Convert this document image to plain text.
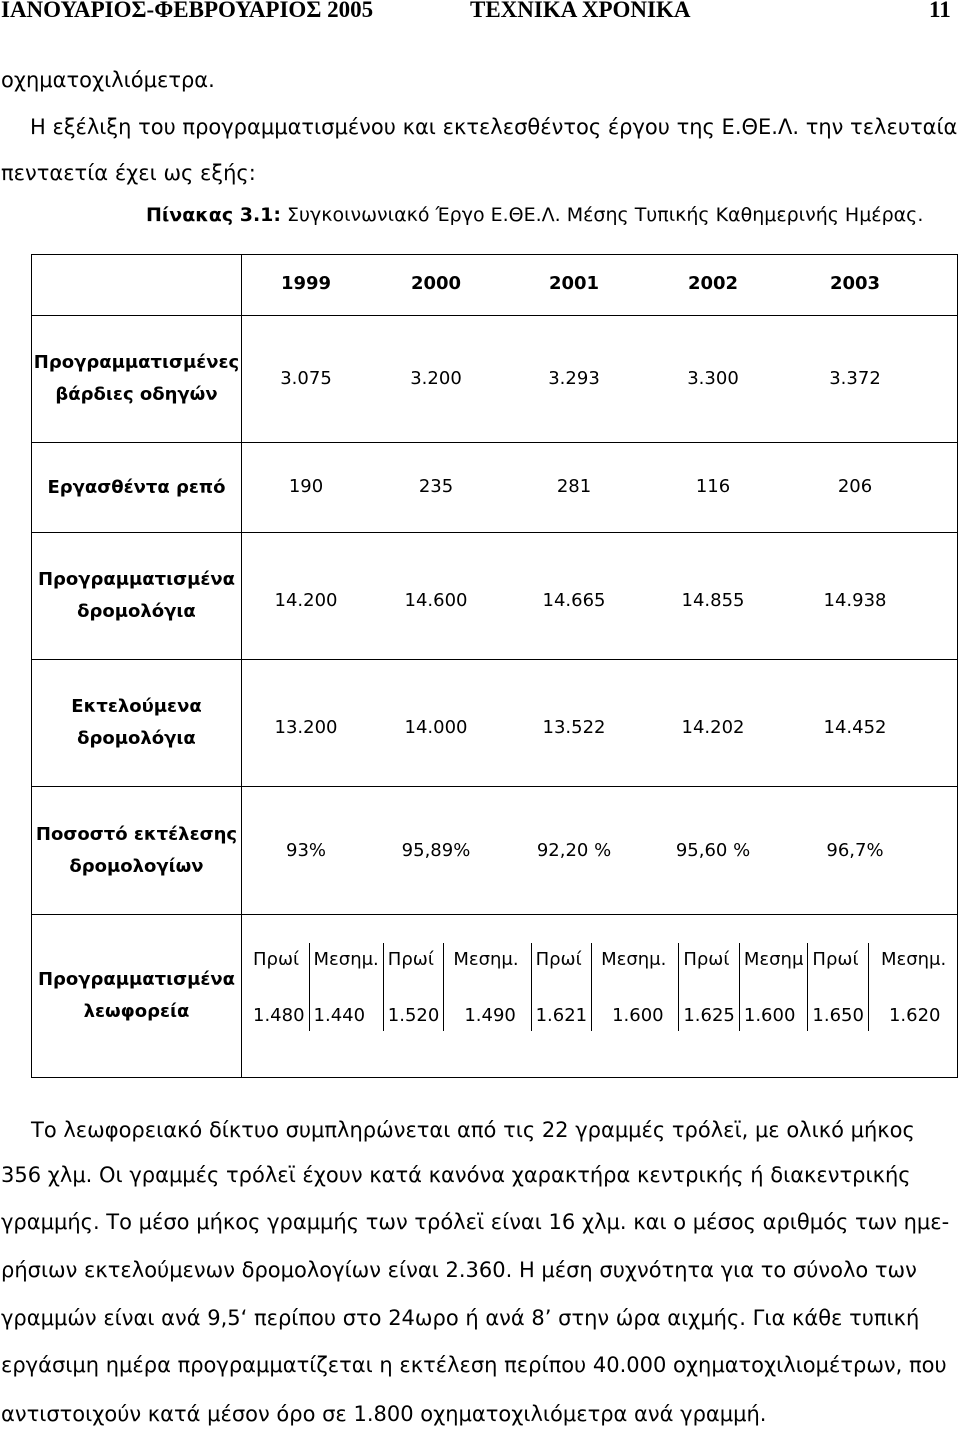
ΙΑΝΟΥΑΡΙΟΣ-ΦΕΒΡΟΥΑΡΙΟΣ 2005	ΤΕΧΝΙΚΑ ΧΡΟΝΙΚΑ	11
οχηματοχιλιόμετρα.
Η εξέλιξη του προγραμματισμένου και εκτελεσθέντος έργου της Ε.ΘΕ.Λ. την τελευταία
πενταετία έχει ως εξής:
Πίνακας 3.1: Συγκοινωνιακό Έργο Ε.ΘΕ.Λ. Μέσης Τυπικής Καθημερινής Ημέρας.

1999	2000	2001	2002	2003

Προγραμματισμένες
βάρδιες οδηγών

3.075	3.200	3.293	3.300	3.372

Εργασθέντα ρεπό	190	235	281	116	206

Προγραμματισμένα
δρομολόγια

14.200	14.600	14.665	14.855	14.938

Εκτελούμενα
δρομολόγια

13.200	14.000	13.522	14.202	14.452

Ποσοστό εκτέλεσης
δρομολογίων

93%	95,89%	92,20 %	95,60 %	96,7%

Προγραμματισμένα
λεωφορεία

Πρωί	Μεσημ.	Πρωί	Μεσημ.	Πρωί	Μεσημ.	Πρωί	Μεσημ	Πρωί	Μεσημ.
1.480	1.440	1.520	1.490	1.621	1.600	1.625	1.600	1.650	1.620
Το λεωφορειακό δίκτυο συμπληρώνεται από τις 22 γραμμές τρόλεϊ, με ολικό μήκος
356 χλμ. Οι γραμμές τρόλεϊ έχουν κατά κανόνα χαρακτήρα κεντρικής ή διακεντρικής
γραμμής. Το μέσο μήκος γραμμής των τρόλεϊ είναι 16 χλμ. και ο μέσος αριθμός των ημε-
ρήσιων εκτελούμενων δρομολογίων είναι 2.360. Η μέση συχνότητα για το σύνολο των
γραμμών είναι ανά 9,5‘ περίπου στο 24ωρο ή ανά 8’ στην ώρα αιχμής. Για κάθε τυπική
εργάσιμη ημέρα προγραμματίζεται η εκτέλεση περίπου 40.000 οχηματοχιλιομέτρων, που
αντιστοιχούν κατά μέσον όρο σε 1.800 οχηματοχιλιόμετρα ανά γραμμή.
